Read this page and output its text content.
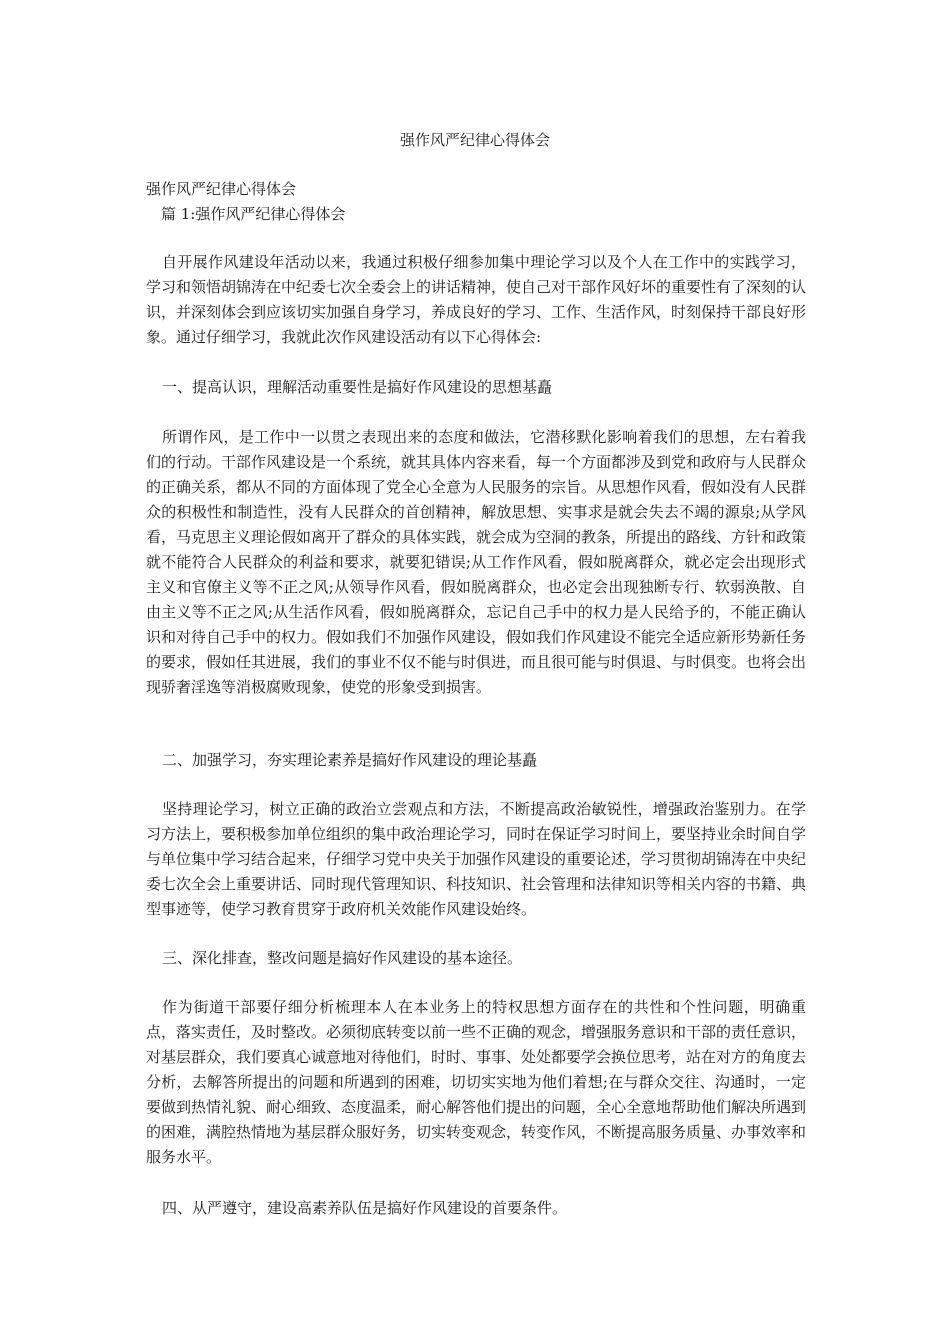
强作风严纪律心得体会
强作风严纪律心得体会
篇 1:强作风严纪律心得体会

自开展作风建设年活动以来，我通过积极仔细参加集中理论学习以及个人在工作中的实践学习，学习和领悟胡锦涛在中纪委七次全委会上的讲话精神，使自己对干部作风好坏的重要性有了深刻的认识，并深刻体会到应该切实加强自身学习，养成良好的学习、工作、生活作风，时刻保持干部良好形象。通过仔细学习，我就此次作风建设活动有以下心得体会:

一、提高认识，理解活动重要性是搞好作风建设的思想基矗

所谓作风，是工作中一以贯之表现出来的态度和做法，它潜移默化影响着我们的思想，左右着我们的行动。干部作风建设是一个系统，就其具体内容来看，每一个方面都涉及到党和政府与人民群众的正确关系，都从不同的方面体现了党全心全意为人民服务的宗旨。从思想作风看，假如没有人民群众的积极性和制造性，没有人民群众的首创精神，解放思想、实事求是就会失去不竭的源泉;从学风看，马克思主义理论假如离开了群众的具体实践，就会成为空洞的教条，所提出的路线、方针和政策就不能符合人民群众的利益和要求，就要犯错误;从工作作风看，假如脱离群众，就必定会出现形式主义和官僚主义等不正之风;从领导作风看，假如脱离群众，也必定会出现独断专行、软弱涣散、自由主义等不正之风;从生活作风看，假如脱离群众，忘记自己手中的权力是人民给予的，不能正确认识和对待自己手中的权力。假如我们不加强作风建设，假如我们作风建设不能完全适应新形势新任务的要求，假如任其进展，我们的事业不仅不能与时俱进，而且很可能与时俱退、与时俱变。也将会出现骄奢淫逸等消极腐败现象，使党的形象受到损害。

二、加强学习，夯实理论素养是搞好作风建设的理论基矗

坚持理论学习，树立正确的政治立尝观点和方法，不断提高政治敏锐性，增强政治鉴别力。在学习方法上，要积极参加单位组织的集中政治理论学习，同时在保证学习时间上，要坚持业余时间自学与单位集中学习结合起来，仔细学习党中央关于加强作风建设的重要论述，学习贯彻胡锦涛在中央纪委七次全会上重要讲话、同时现代管理知识、科技知识、社会管理和法律知识等相关内容的书籍、典型事迹等，使学习教育贯穿于政府机关效能作风建设始终。

三、深化排查，整改问题是搞好作风建设的基本途径。

作为街道干部要仔细分析梳理本人在本业务上的特权思想方面存在的共性和个性问题，明确重点，落实责任，及时整改。必须彻底转变以前一些不正确的观念，增强服务意识和干部的责任意识，对基层群众，我们要真心诚意地对待他们，时时、事事、处处都要学会换位思考，站在对方的角度去分析，去解答所提出的问题和所遇到的困难，切切实实地为他们着想;在与群众交往、沟通时，一定要做到热情礼貌、耐心细致、态度温柔，耐心解答他们提出的问题，全心全意地帮助他们解决所遇到的困难，满腔热情地为基层群众服好务，切实转变观念，转变作风，不断提高服务质量、办事效率和服务水平。

四、从严遵守，建设高素养队伍是搞好作风建设的首要条件。
